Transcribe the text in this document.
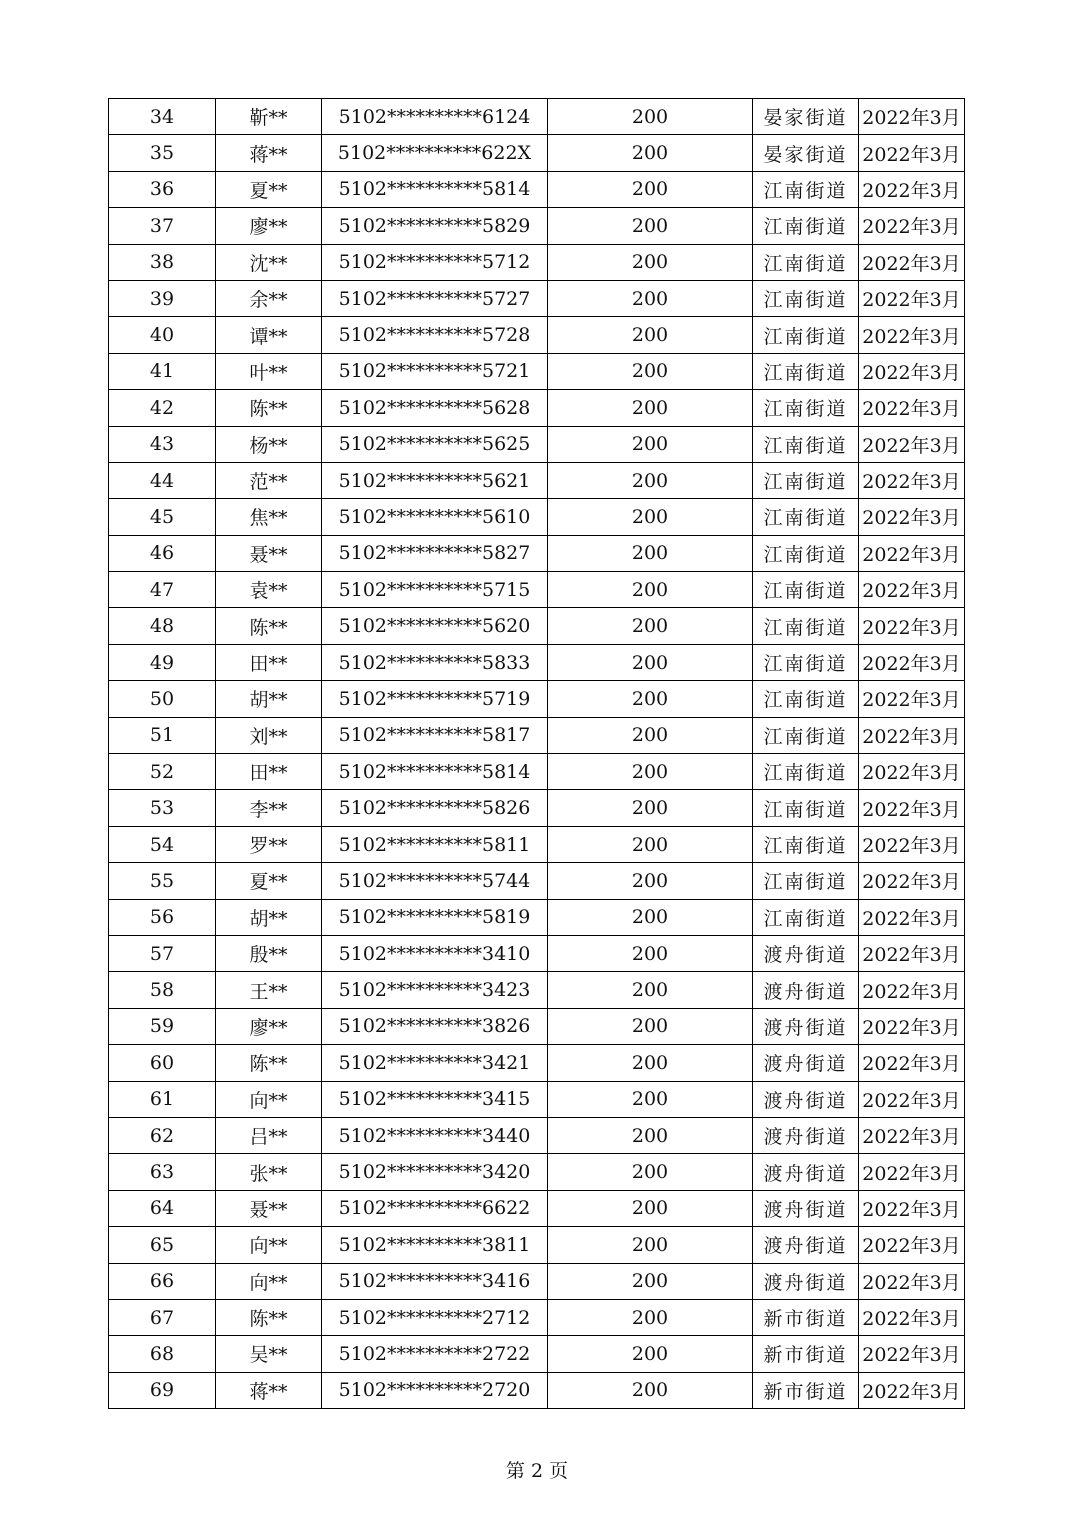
34	靳**	5102**********6124	200	晏家街道	2022年3月
35	蒋**	5102**********622X	200	晏家街道	2022年3月
36	夏**	5102**********5814	200	江南街道	2022年3月
37	廖**	5102**********5829	200	江南街道	2022年3月
38	沈**	5102**********5712	200	江南街道	2022年3月
39	余**	5102**********5727	200	江南街道	2022年3月
40	谭**	5102**********5728	200	江南街道	2022年3月
41	叶**	5102**********5721	200	江南街道	2022年3月
42	陈**	5102**********5628	200	江南街道	2022年3月
43	杨**	5102**********5625	200	江南街道	2022年3月
44	范**	5102**********5621	200	江南街道	2022年3月
45	焦**	5102**********5610	200	江南街道	2022年3月
46	聂**	5102**********5827	200	江南街道	2022年3月
47	袁**	5102**********5715	200	江南街道	2022年3月
48	陈**	5102**********5620	200	江南街道	2022年3月
49	田**	5102**********5833	200	江南街道	2022年3月
50	胡**	5102**********5719	200	江南街道	2022年3月
51	刘**	5102**********5817	200	江南街道	2022年3月
52	田**	5102**********5814	200	江南街道	2022年3月
53	李**	5102**********5826	200	江南街道	2022年3月
54	罗**	5102**********5811	200	江南街道	2022年3月
55	夏**	5102**********5744	200	江南街道	2022年3月
56	胡**	5102**********5819	200	江南街道	2022年3月
57	殷**	5102**********3410	200	渡舟街道	2022年3月
58	王**	5102**********3423	200	渡舟街道	2022年3月
59	廖**	5102**********3826	200	渡舟街道	2022年3月
60	陈**	5102**********3421	200	渡舟街道	2022年3月
61	向**	5102**********3415	200	渡舟街道	2022年3月
62	吕**	5102**********3440	200	渡舟街道	2022年3月
63	张**	5102**********3420	200	渡舟街道	2022年3月
64	聂**	5102**********6622	200	渡舟街道	2022年3月
65	向**	5102**********3811	200	渡舟街道	2022年3月
66	向**	5102**********3416	200	渡舟街道	2022年3月
67	陈**	5102**********2712	200	新市街道	2022年3月
68	吴**	5102**********2722	200	新市街道	2022年3月
69	蒋**	5102**********2720	200	新市街道	2022年3月
第 2 页
